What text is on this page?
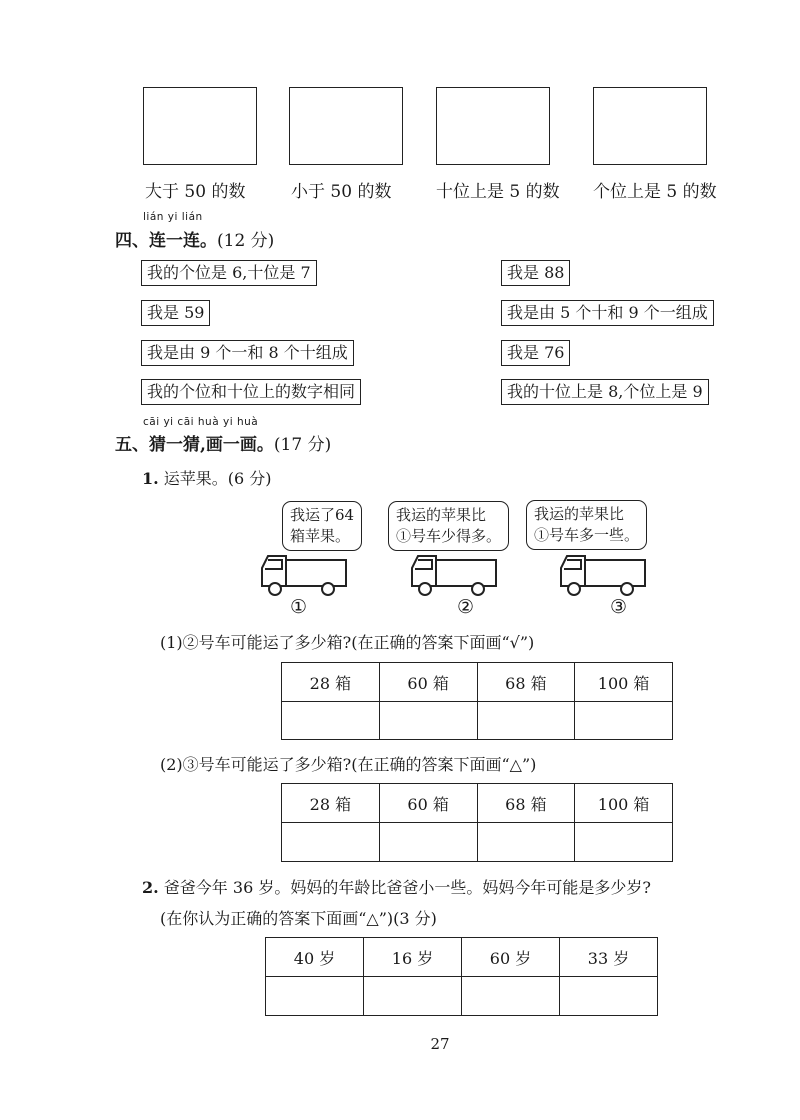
大于 50 的数	小于 50 的数	十位上是 5 的数 个位上是 5 的数
lián yi lián
四、连一连。(12 分)
我的个位是 6,十位是 7
我是 59
我是由 9 个一和 8 个十组成
我的个位和十位上的数字相同
我是 88
我是由 5 个十和 9 个一组成
我是 76
我的十位上是 8,个位上是 9
cāi yi cāi huà yi huà
五、猜一猜,画一画。(17 分)
1. 运苹果。(6 分)
我运了64
箱苹果。
我运的苹果比
①号车少得多。
我运的苹果比
①号车多一些。
①	②	③
(1)②号车可能运了多少箱?(在正确的答案下面画“√”)
28 箱	60 箱	68 箱	100 箱

(2)③号车可能运了多少箱?(在正确的答案下面画“△”)
28 箱	60 箱	68 箱	100 箱

2. 爸爸今年 36 岁。妈妈的年龄比爸爸小一些。妈妈今年可能是多少岁?
(在你认为正确的答案下面画“△”)(3 分)
40 岁	16 岁	60 岁	33 岁

27
